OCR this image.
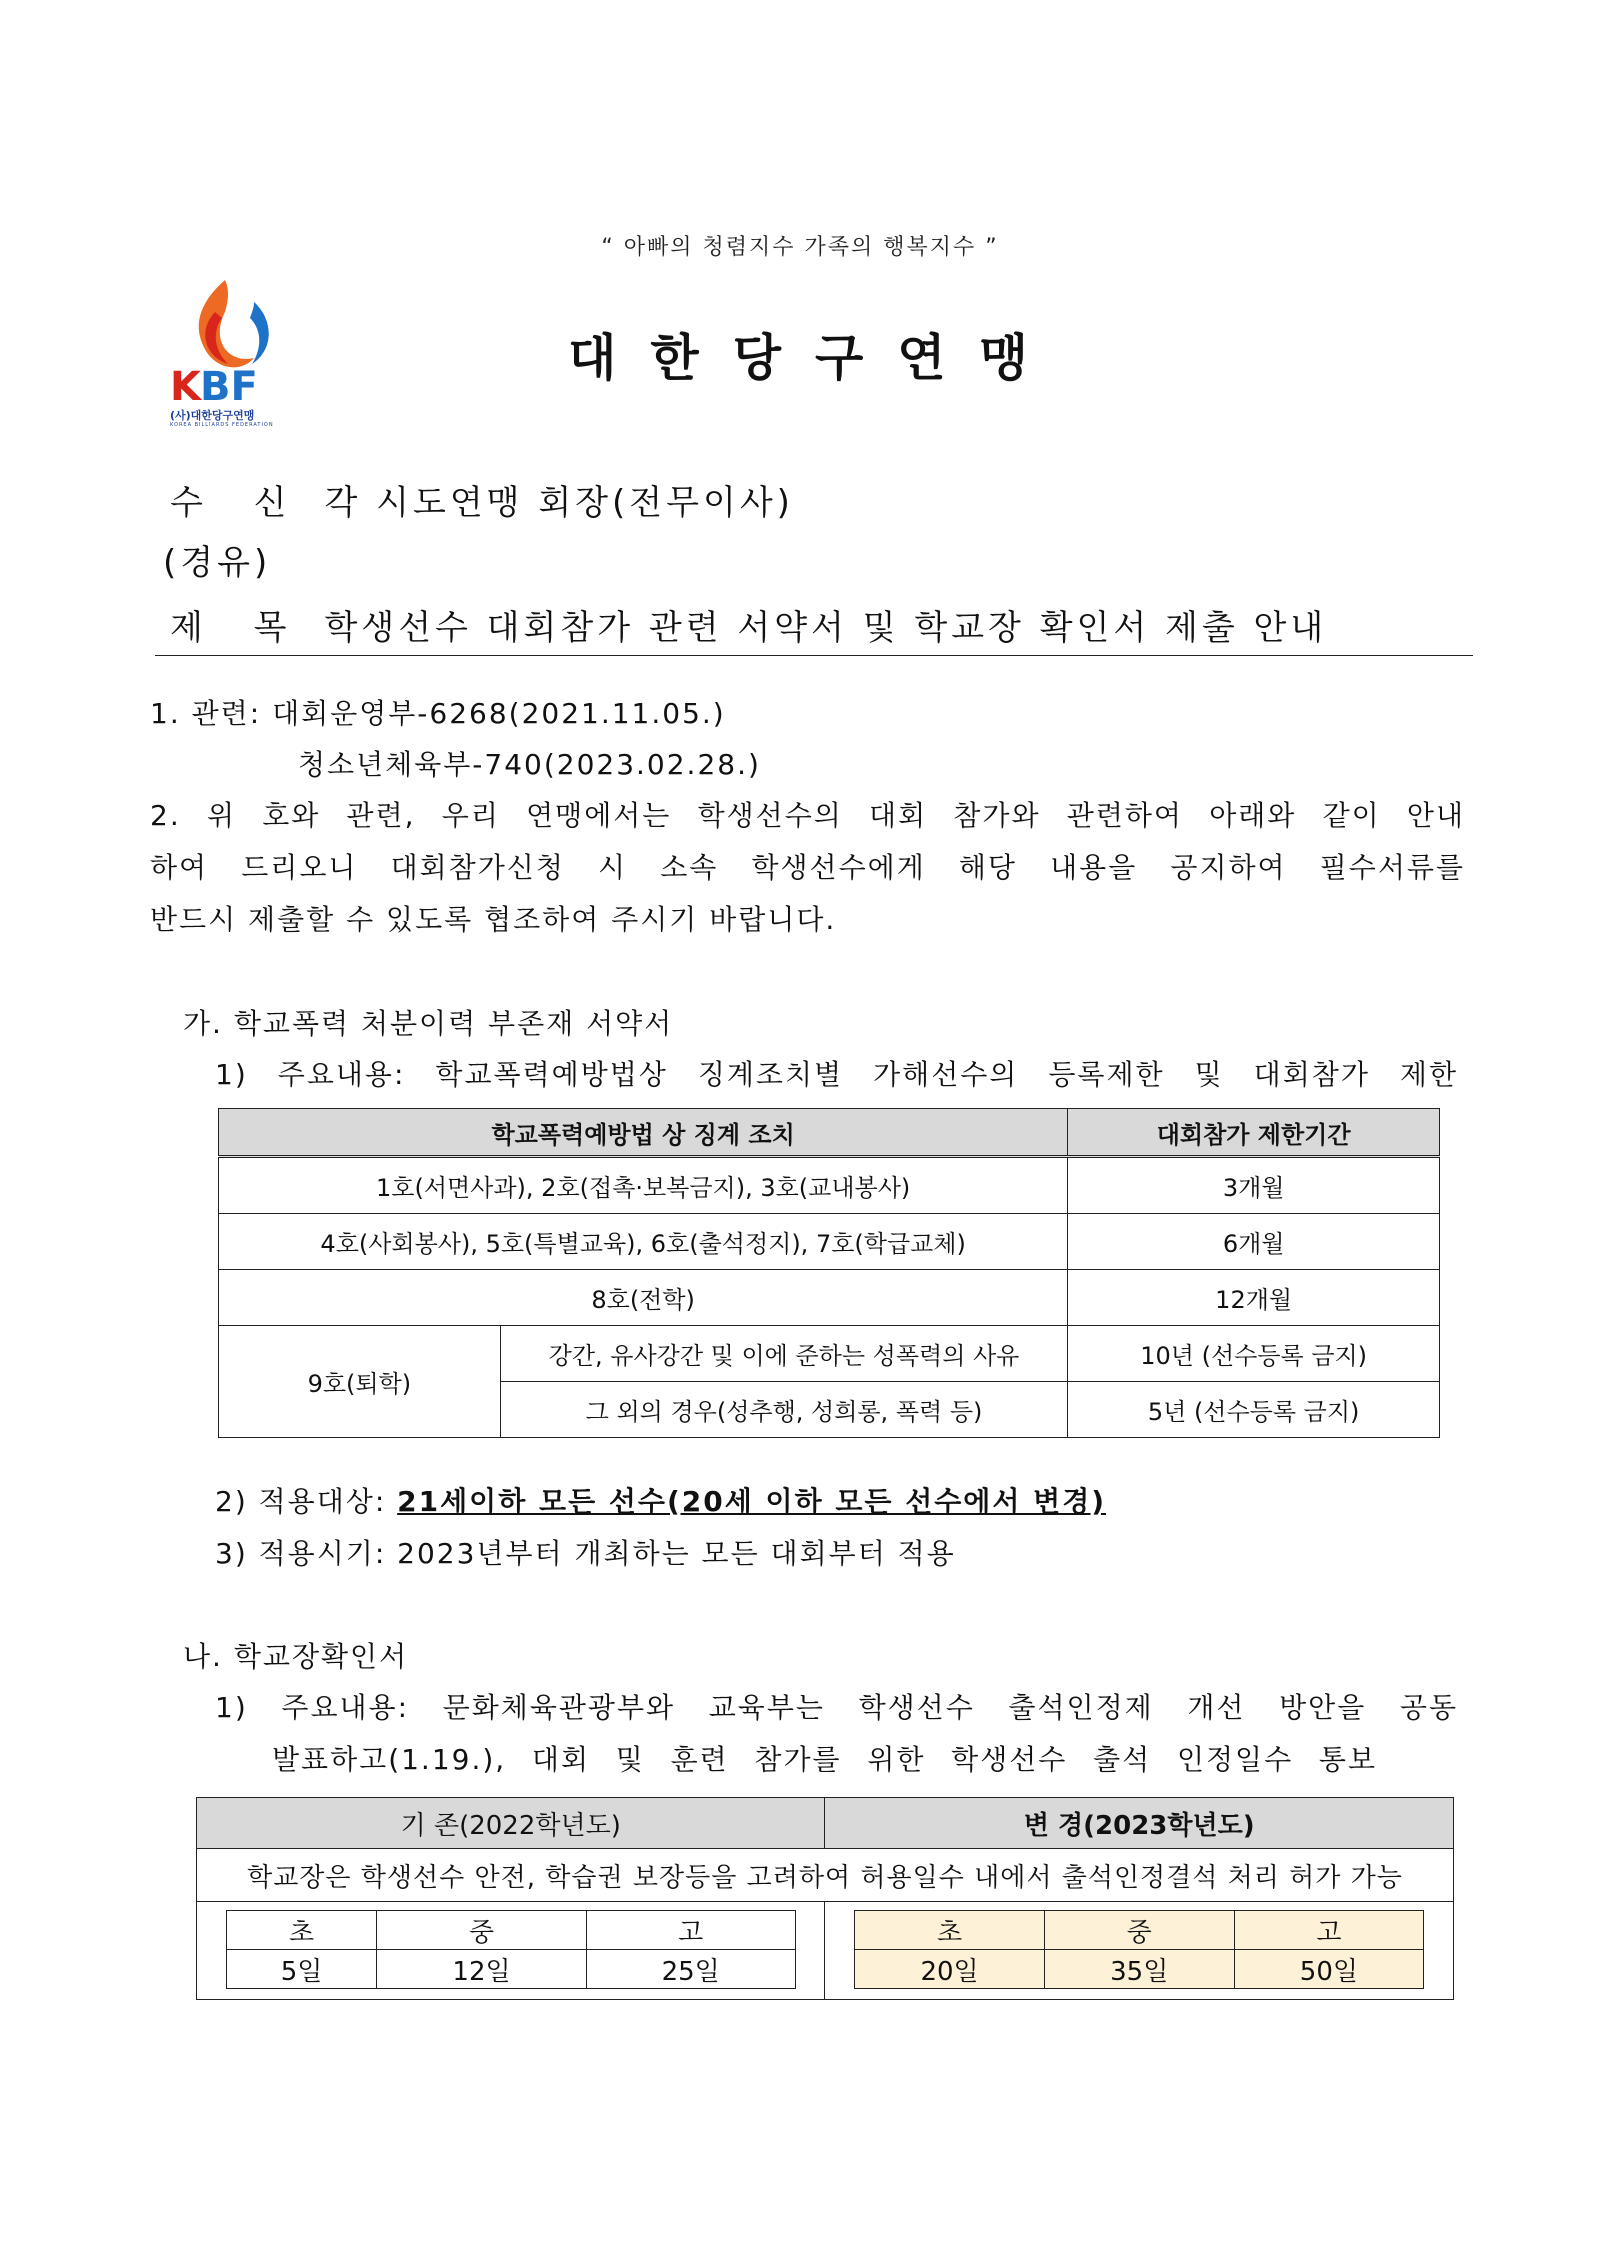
“ 아빠의 청렴지수 가족의 행복지수 ”
K BF
(사)대한당구연맹
KOREA BILLIARDS FEDERATION
대한당구연맹
수 신 각 시도연맹 회장(전무이사)
(경유)
제 목 학생선수 대회참가 관련 서약서 및 학교장 확인서 제출 안내
1. 관련: 대회운영부-6268(2021.11.05.)
청소년체육부-740(2023.02.28.)
2. 위 호와 관련, 우리 연맹에서는 학생선수의 대회 참가와 관련하여 아래와 같이 안내
하여 드리오니 대회참가신청 시 소속 학생선수에게 해당 내용을 공지하여 필수서류를
반드시 제출할 수 있도록 협조하여 주시기 바랍니다.
가. 학교폭력 처분이력 부존재 서약서
1) 주요내용: 학교폭력예방법상 징계조치별 가해선수의 등록제한 및 대회참가 제한
학교폭력예방법 상 징계 조치		대회참가 제한기간
1호(서면사과), 2호(접촉·보복금지), 3호(교내봉사)		3개월
4호(사회봉사), 5호(특별교육), 6호(출석정지), 7호(학급교체)		6개월
8호(전학)		12개월
9호(퇴학)	강간, 유사강간 및 이에 준하는 성폭력의 사유	10년 (선수등록 금지)
	그 외의 경우(성추행, 성희롱, 폭력 등)	5년 (선수등록 금지)
2) 적용대상: 21세이하 모든 선수(20세 이하 모든 선수에서 변경)
3) 적용시기: 2023년부터 개최하는 모든 대회부터 적용
나. 학교장확인서
1) 주요내용: 문화체육관광부와 교육부는 학생선수 출석인정제 개선 방안을 공동
발표하고(1.19.), 대회 및 훈련 참가를 위한 학생선수 출석 인정일수 통보
기 존(2022학년도)	변 경(2023학년도)
학교장은 학생선수 안전, 학습권 보장등을 고려하여 허용일수 내에서 출석인정결석 처리 허가 가능

초	중	고
5일	12일	25일

초	중	고
20일	35일	50일
